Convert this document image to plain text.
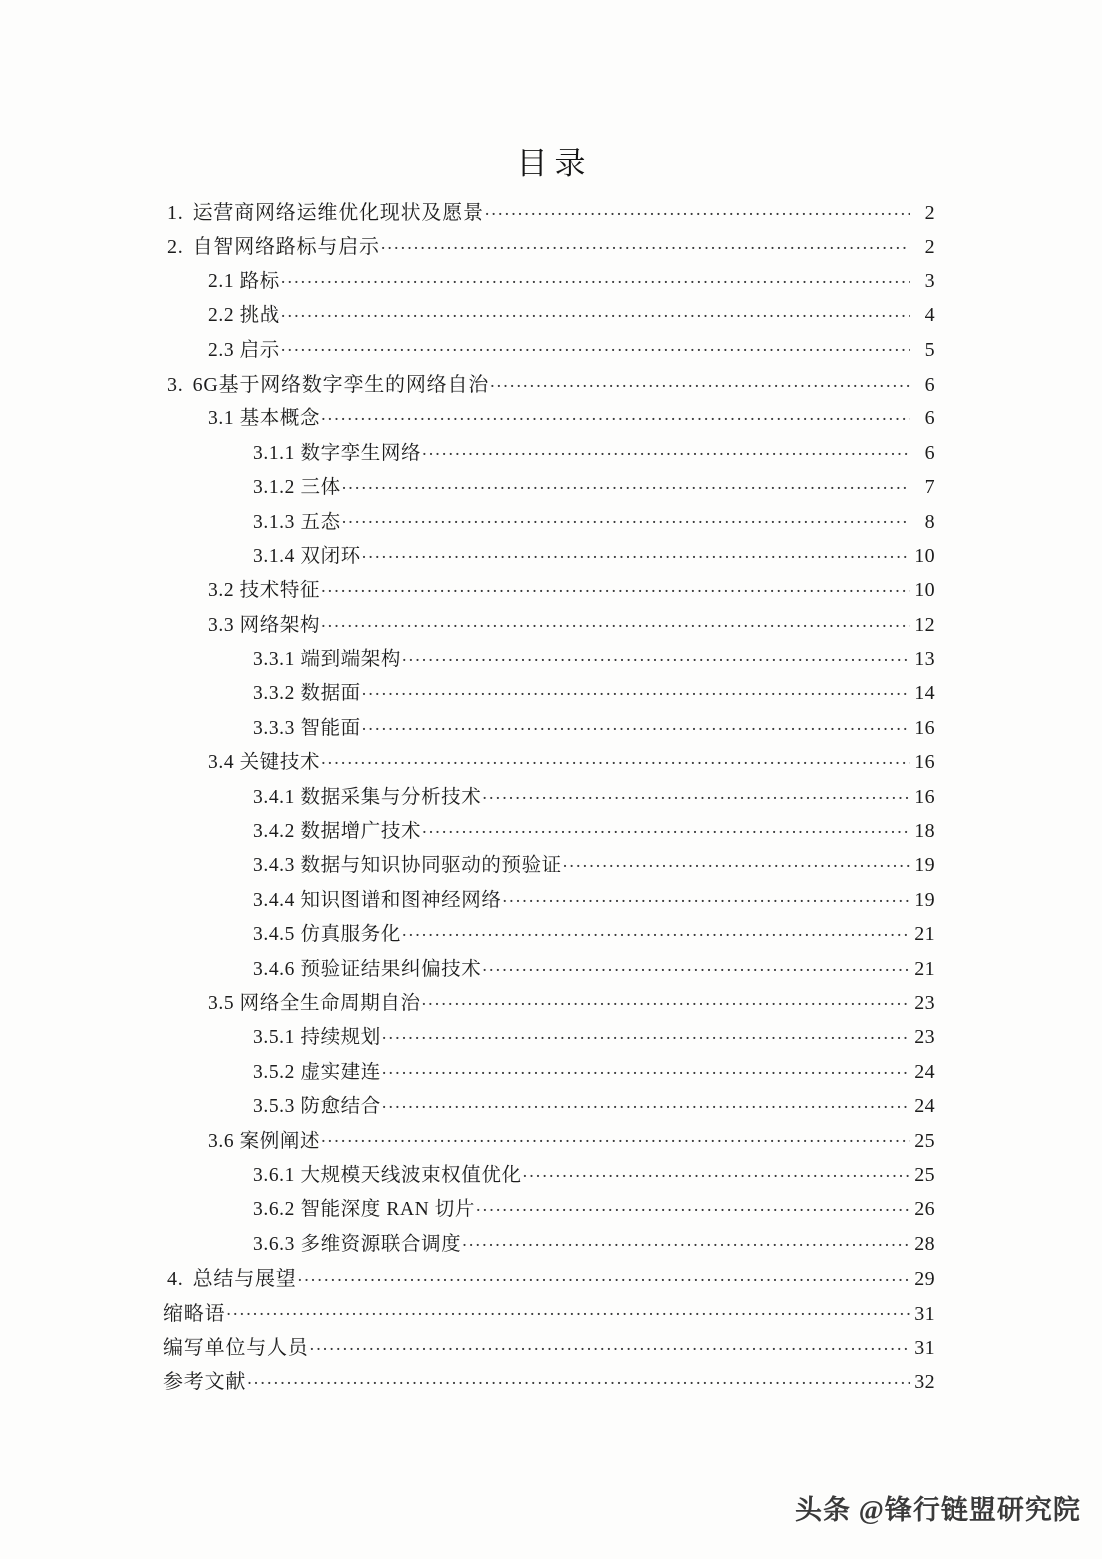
目录
1. 运营商网络运维优化现状及愿景 .....	2
2. 自智网络路标与启示 .....	2
2.1 路标 .....	3
2.2 挑战 .....	4
2.3 启示 .....	5
3. 6G基于网络数字孪生的网络自治 .....	6
3.1 基本概念 .....	6
3.1.1 数字孪生网络 .....	6
3.1.2 三体 .....	7
3.1.3 五态 .....	8
3.1.4 双闭环 .....	10
3.2 技术特征 .....	10
3.3 网络架构 .....	12
3.3.1 端到端架构 .....	13
3.3.2 数据面 .....	14
3.3.3 智能面 .....	16
3.4 关键技术 .....	16
3.4.1 数据采集与分析技术 .....	16
3.4.2 数据增广技术 .....	18
3.4.3 数据与知识协同驱动的预验证 .....	19
3.4.4 知识图谱和图神经网络 .....	19
3.4.5 仿真服务化 .....	21
3.4.6 预验证结果纠偏技术 .....	21
3.5 网络全生命周期自治 .....	23
3.5.1 持续规划 .....	23
3.5.2 虚实建连 .....	24
3.5.3 防愈结合 .....	24
3.6 案例阐述 .....	25
3.6.1 大规模天线波束权值优化 .....	25
3.6.2 智能深度 RAN 切片 .....	26
3.6.3 多维资源联合调度 .....	28
4. 总结与展望 .....	29
缩略语 .....	31
编写单位与人员 .....	31
参考文献 .....	32
头条 @锋行链盟研究院
